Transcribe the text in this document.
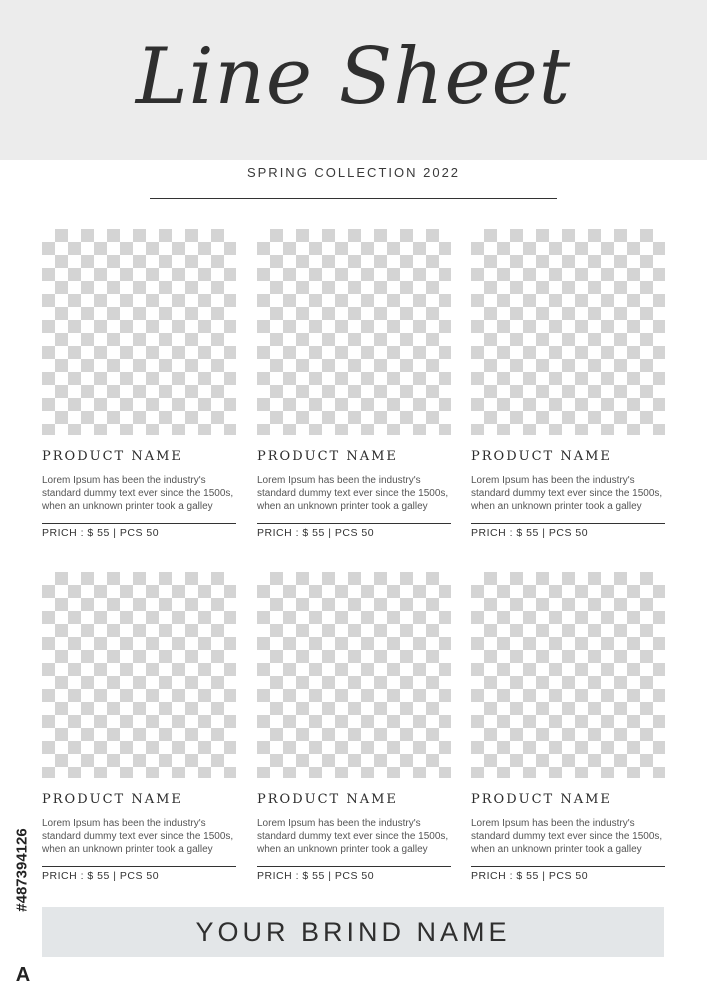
Line Sheet
SPRING COLLECTION 2022
PRODUCT NAME
Lorem Ipsum has been the industry's standard dummy text ever since the 1500s, when an unknown printer took a galley
PRICH : $ 55 | PCS 50
PRODUCT NAME
Lorem Ipsum has been the industry's standard dummy text ever since the 1500s, when an unknown printer took a galley
PRICH : $ 55 | PCS 50
PRODUCT NAME
Lorem Ipsum has been the industry's standard dummy text ever since the 1500s, when an unknown printer took a galley
PRICH : $ 55 | PCS 50
PRODUCT NAME
Lorem Ipsum has been the industry's standard dummy text ever since the 1500s, when an unknown printer took a galley
PRICH : $ 55 | PCS 50
PRODUCT NAME
Lorem Ipsum has been the industry's standard dummy text ever since the 1500s, when an unknown printer took a galley
PRICH : $ 55 | PCS 50
PRODUCT NAME
Lorem Ipsum has been the industry's standard dummy text ever since the 1500s, when an unknown printer took a galley
PRICH : $ 55 | PCS 50
YOUR BRIND NAME
#487394126
A
